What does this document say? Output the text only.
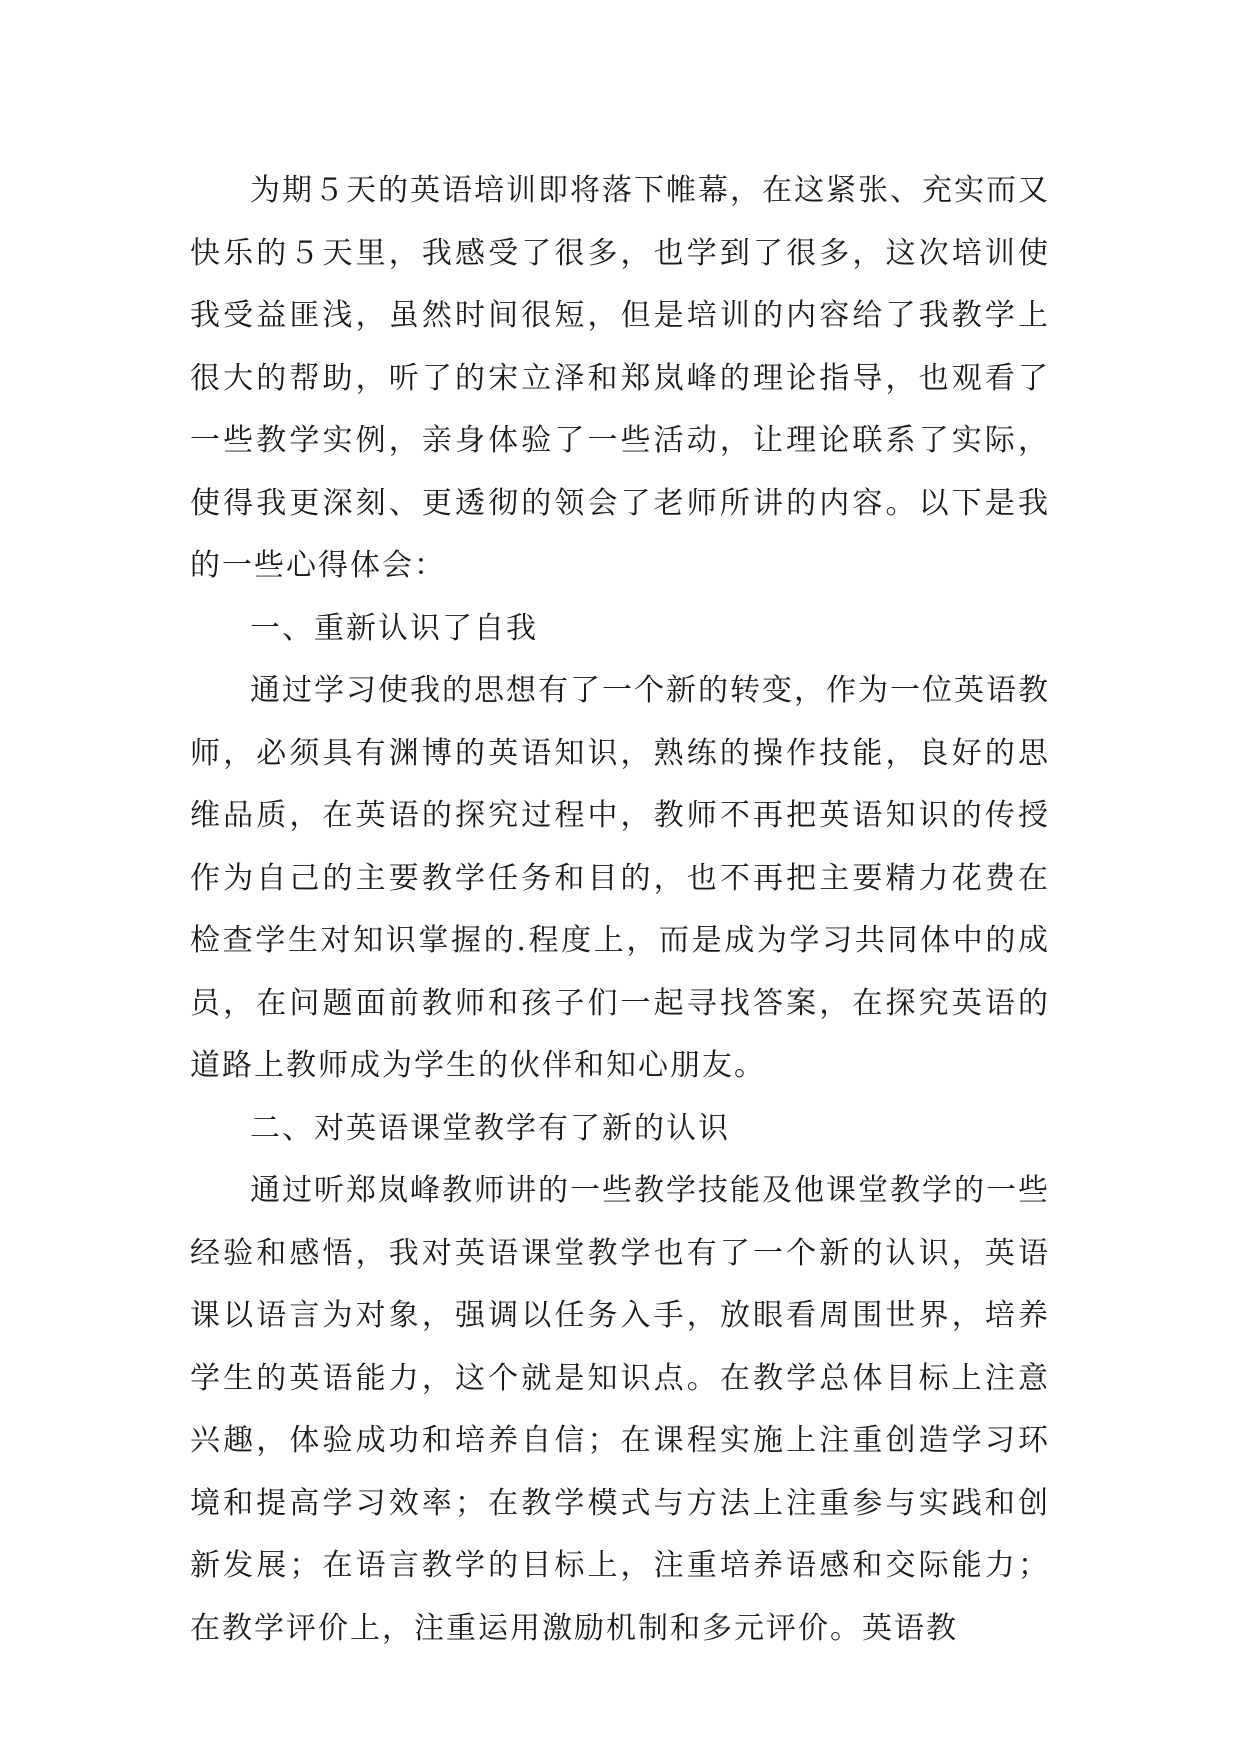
为期５天的英语培训即将落下帷幕，在这紧张、充实而又快乐的５天里，我感受了很多，也学到了很多，这次培训使我受益匪浅，虽然时间很短，但是培训的内容给了我教学上很大的帮助，听了的宋立泽和郑岚峰的理论指导，也观看了一些教学实例，亲身体验了一些活动，让理论联系了实际，使得我更深刻、更透彻的领会了老师所讲的内容。以下是我的一些心得体会：

一、重新认识了自我

通过学习使我的思想有了一个新的转变，作为一位英语教师，必须具有渊博的英语知识，熟练的操作技能，良好的思维品质，在英语的探究过程中，教师不再把英语知识的传授作为自己的主要教学任务和目的，也不再把主要精力花费在检查学生对知识掌握的.程度上，而是成为学习共同体中的成员，在问题面前教师和孩子们一起寻找答案，在探究英语的道路上教师成为学生的伙伴和知心朋友。

二、对英语课堂教学有了新的认识

通过听郑岚峰教师讲的一些教学技能及他课堂教学的一些经验和感悟，我对英语课堂教学也有了一个新的认识，英语课以语言为对象，强调以任务入手，放眼看周围世界，培养学生的英语能力，这个就是知识点。在教学总体目标上注意兴趣，体验成功和培养自信；在课程实施上注重创造学习环境和提高学习效率；在教学模式与方法上注重参与实践和创新发展；在语言教学的目标上，注重培养语感和交际能力；在教学评价上，注重运用激励机制和多元评价。英语教
